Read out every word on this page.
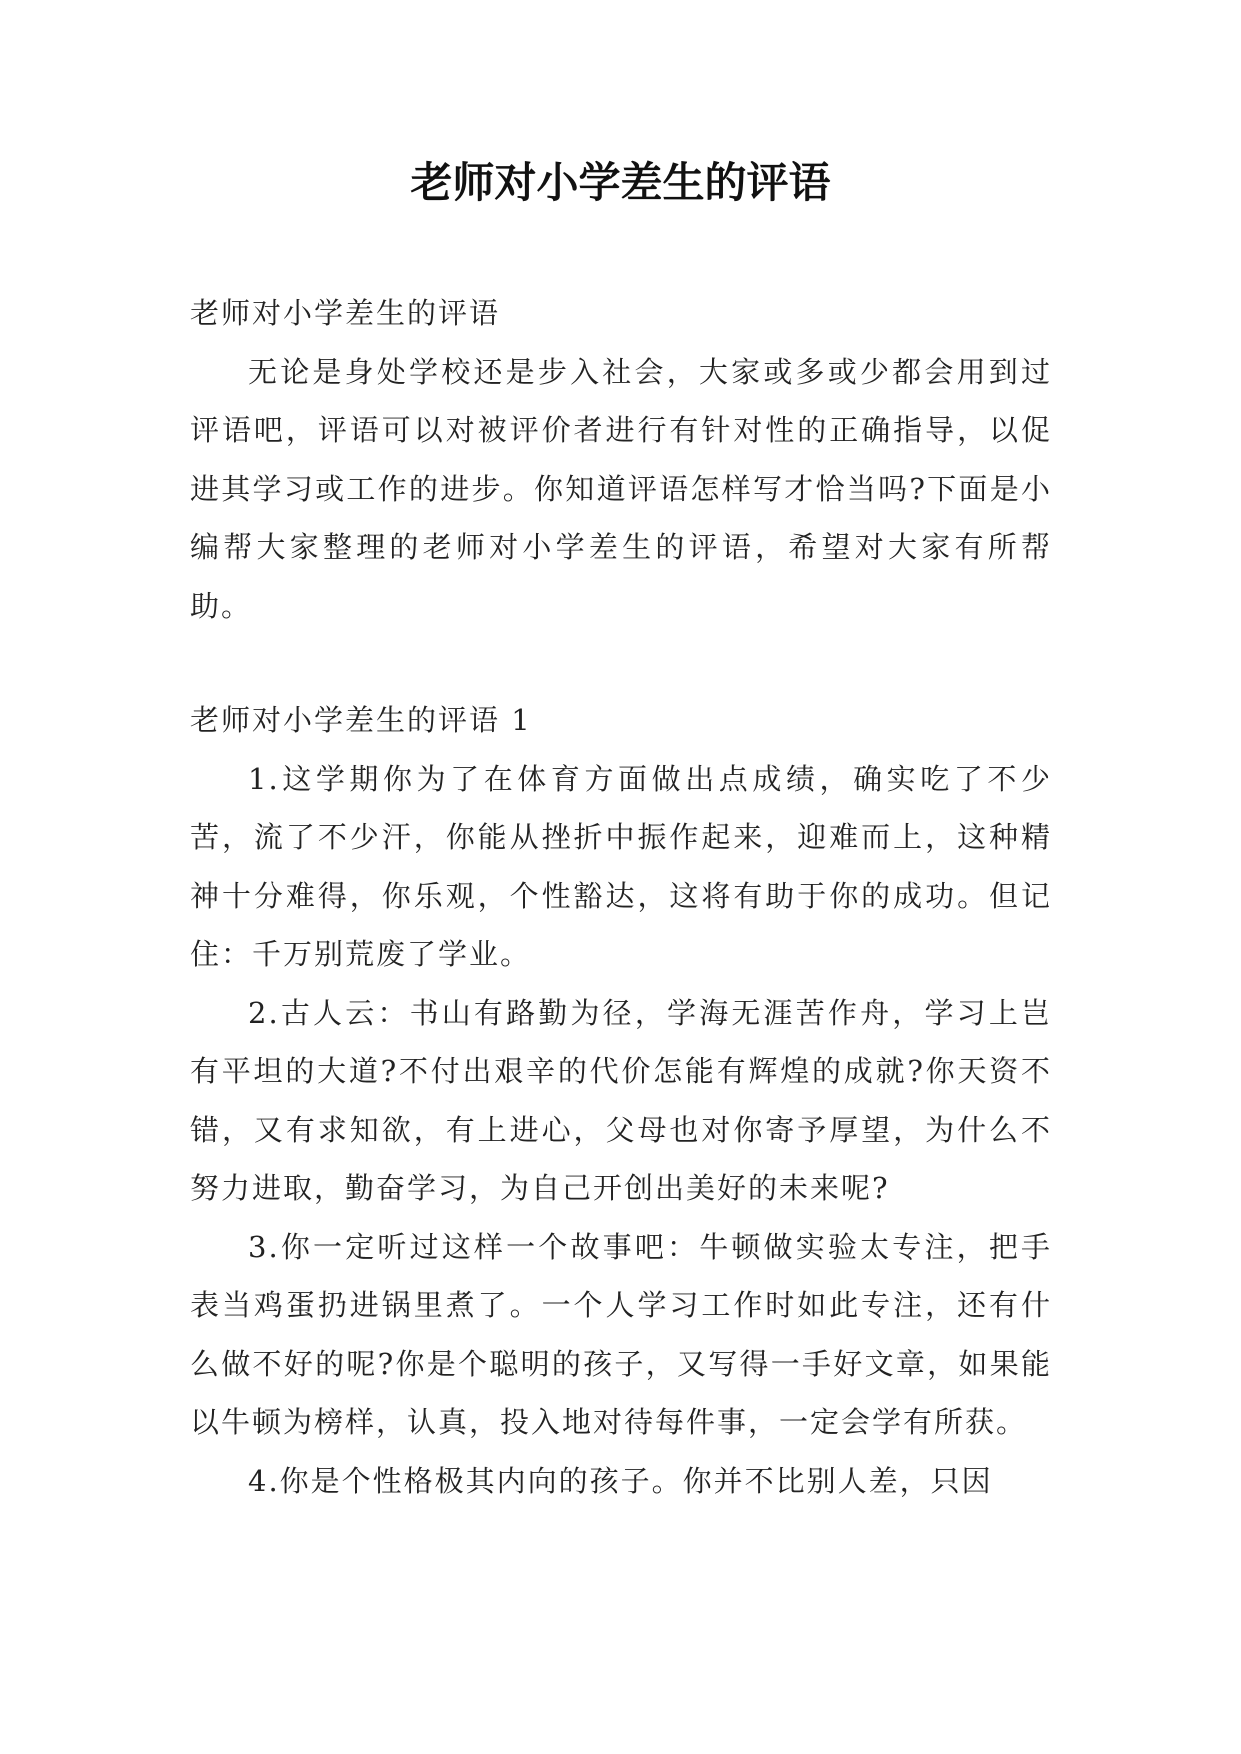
老师对小学差生的评语

老师对小学差生的评语

无论是身处学校还是步入社会，大家或多或少都会用到过评语吧，评语可以对被评价者进行有针对性的正确指导，以促进其学习或工作的进步。你知道评语怎样写才恰当吗?下面是小编帮大家整理的老师对小学差生的评语，希望对大家有所帮助。

老师对小学差生的评语 1

1.这学期你为了在体育方面做出点成绩，确实吃了不少苦，流了不少汗，你能从挫折中振作起来，迎难而上，这种精神十分难得，你乐观，个性豁达，这将有助于你的成功。但记住：千万别荒废了学业。

2.古人云：书山有路勤为径，学海无涯苦作舟，学习上岂有平坦的大道?不付出艰辛的代价怎能有辉煌的成就?你天资不错，又有求知欲，有上进心，父母也对你寄予厚望，为什么不努力进取，勤奋学习，为自己开创出美好的未来呢?

3.你一定听过这样一个故事吧：牛顿做实验太专注，把手表当鸡蛋扔进锅里煮了。一个人学习工作时如此专注，还有什么做不好的呢?你是个聪明的孩子，又写得一手好文章，如果能以牛顿为榜样，认真，投入地对待每件事，一定会学有所获。

4.你是个性格极其内向的孩子。你并不比别人差，只因
